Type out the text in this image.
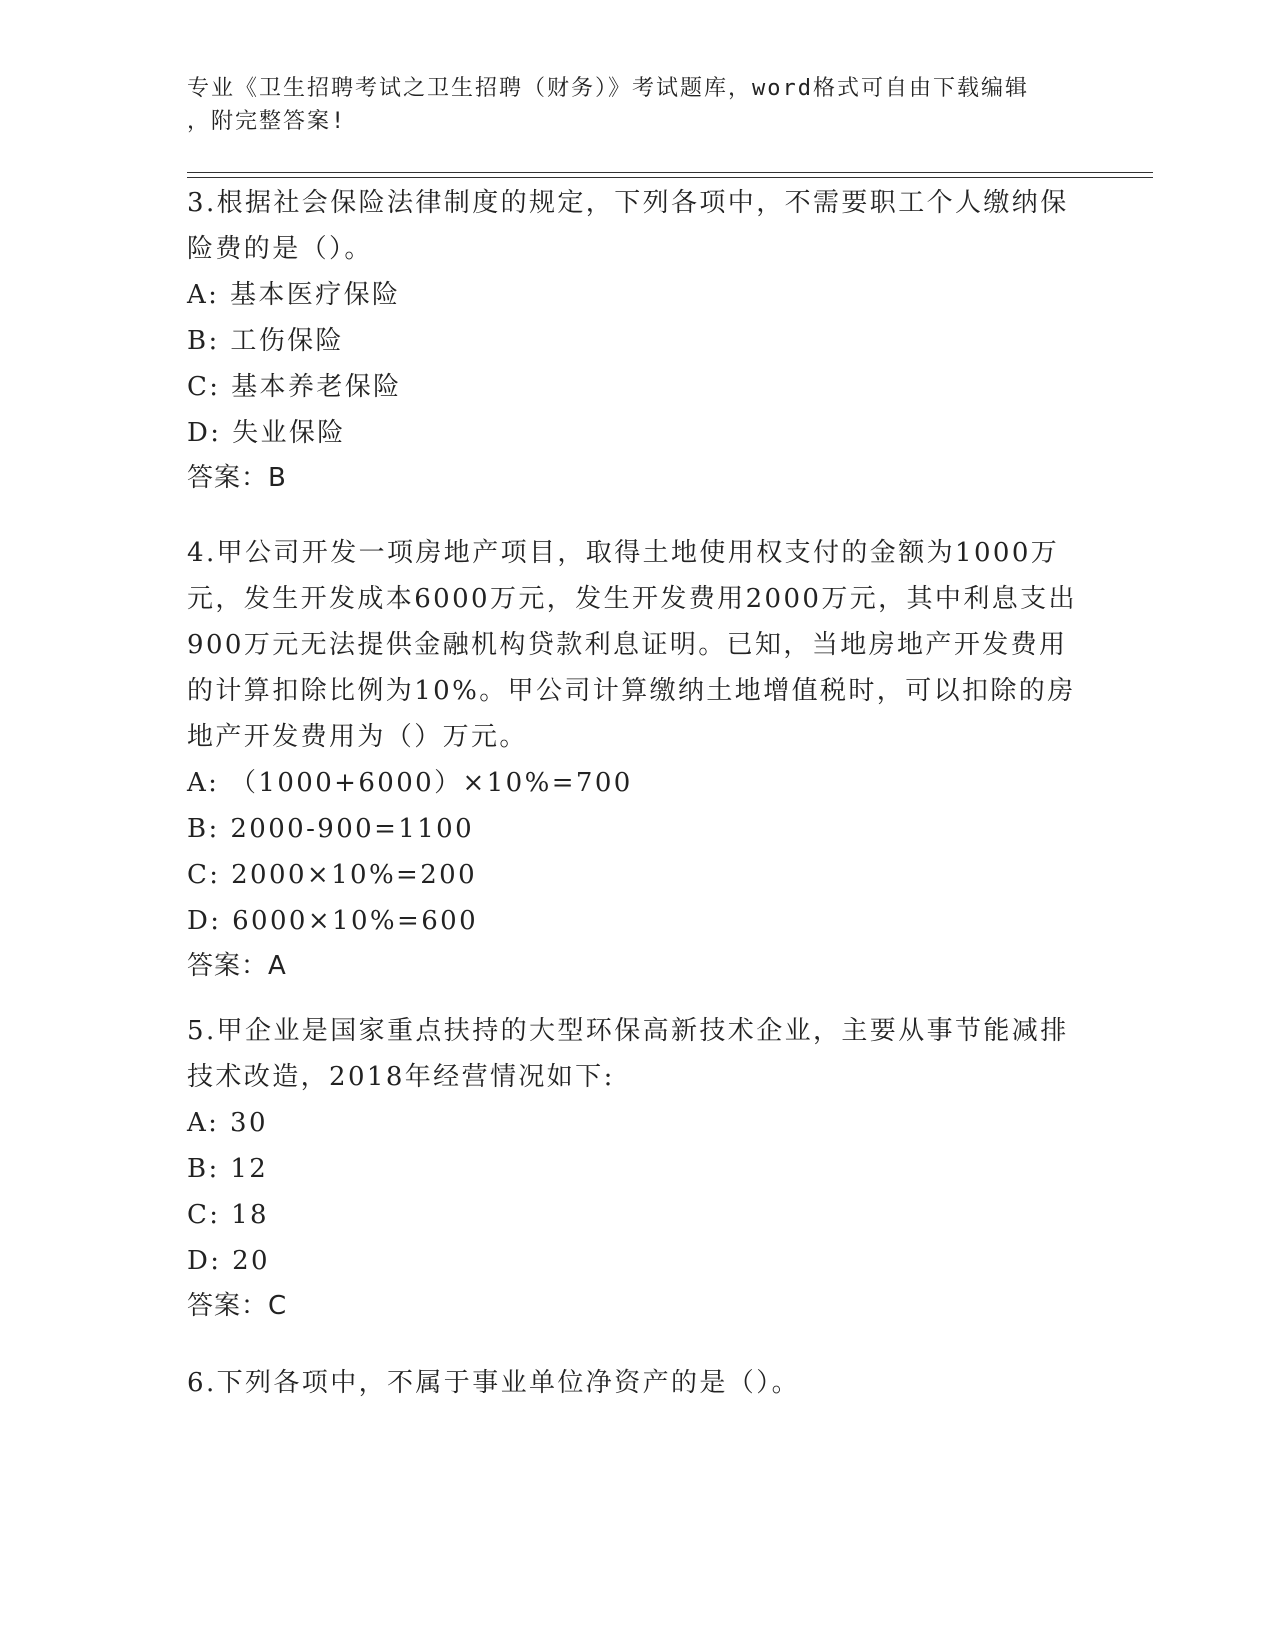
专业《卫生招聘考试之卫生招聘（财务）》考试题库，word格式可自由下载编辑
，附完整答案!

3.根据社会保险法律制度的规定，下列各项中，不需要职工个人缴纳保险费的是（）。

A: 基本医疗保险
B: 工伤保险
C: 基本养老保险
D: 失业保险
答案：B

4.甲公司开发一项房地产项目，取得土地使用权支付的金额为1000万元，发生开发成本6000万元，发生开发费用2000万元，其中利息支出900万元无法提供金融机构贷款利息证明。已知，当地房地产开发费用的计算扣除比例为10%。甲公司计算缴纳土地增值税时，可以扣除的房地产开发费用为（）万元。

A: （1000+6000）×10%=700
B: 2000-900=1100
C: 2000×10%=200
D: 6000×10%=600
答案：A

5.甲企业是国家重点扶持的大型环保高新技术企业，主要从事节能减排技术改造，2018年经营情况如下:

A: 30
B: 12
C: 18
D: 20
答案：C

6.下列各项中，不属于事业单位净资产的是（）。
